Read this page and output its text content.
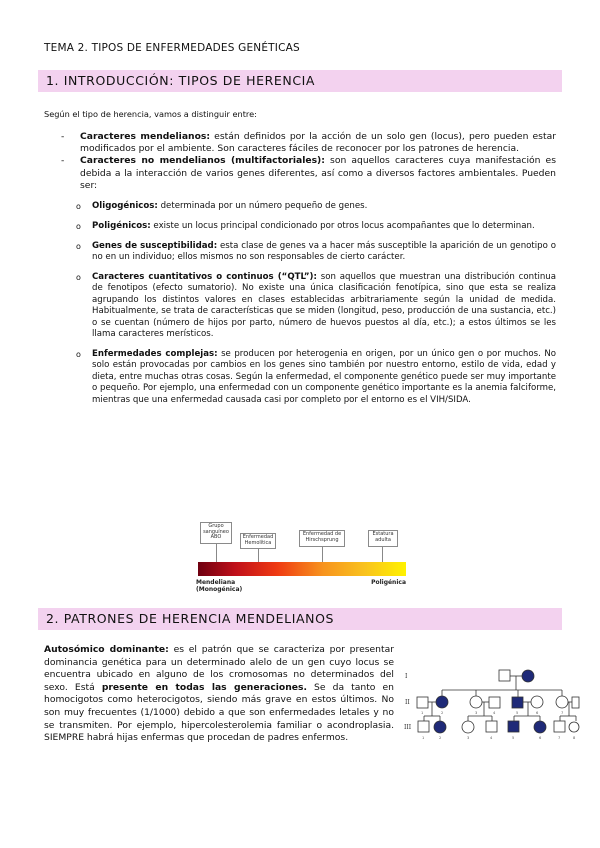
TEMA 2. TIPOS DE ENFERMEDADES GENÉTICAS
1. INTRODUCCIÓN: TIPOS DE HERENCIA
Según el tipo de herencia, vamos a distinguir entre:

- Caracteres mendelianos: están definidos por la acción de un solo gen (locus), pero pueden estar modificados por el ambiente. Son caracteres fáciles de reconocer por los patrones de herencia.

- Caracteres no mendelianos (multifactoriales): son aquellos caracteres cuya manifestación es debida a la interacción de varios genes diferentes, así como a diversos factores ambientales. Pueden ser:

o Oligogénicos: determinada por un número pequeño de genes.

o Poligénicos: existe un locus principal condicionado por otros locus acompañantes que lo determinan.

o Genes de susceptibilidad: esta clase de genes va a hacer más susceptible la aparición de un genotipo o no en un individuo; ellos mismos no son responsables de cierto carácter.

o Caracteres cuantitativos o continuos (“QTL”): son aquellos que muestran una distribución continua de fenotipos (efecto sumatorio). No existe una única clasificación fenotípica, sino que esta se realiza agrupando los distintos valores en clases establecidas arbitrariamente según la unidad de medida. Habitualmente, se trata de características que se miden (longitud, peso, producción de una sustancia, etc.) o se cuentan (número de hijos por parto, número de huevos puestos al día, etc.); a estos últimos se les llama caracteres merísticos.

o Enfermedades complejas: se producen por heterogenia en origen, por un único gen o por muchos. No solo están provocadas por cambios en los genes sino también por nuestro entorno, estilo de vida, edad y dieta, entre muchas otras cosas. Según la enfermedad, el componente genético puede ser muy importante o pequeño. Por ejemplo, una enfermedad con un componente genético importante es la anemia falciforme, mientras que una enfermedad causada casi por completo por el entorno es el VIH/SIDA.

Grupo
sanguíneo
ABO	Enfermedad
Hemolítica
Enfermedad de
Hirschsprung
Estatura
adulta
Mendeliana
(Monogénica)
Poligénica
2. PATRONES DE HERENCIA MENDELIANOS

Autosómico dominante: es el patrón que se caracteriza por presentar dominancia genética para un determinado alelo de un gen cuyo locus se encuentra ubicado en alguno de los cromosomas no determinados del sexo. Está presente en todas las generaciones. Se da tanto en homocigotos como heterocigotos, siendo más grave en estos últimos. No son muy frecuentes (1/1000) debido a que son enfermedades letales y no se transmiten. Por ejemplo, hipercolesterolemia familiar o acondroplasia. SIEMPRE habrá hijas enfermas que procedan de padres enfermos.

I
II
III
1	2	3	4	5	6	7
1	2	3	4	5	6	7	8
